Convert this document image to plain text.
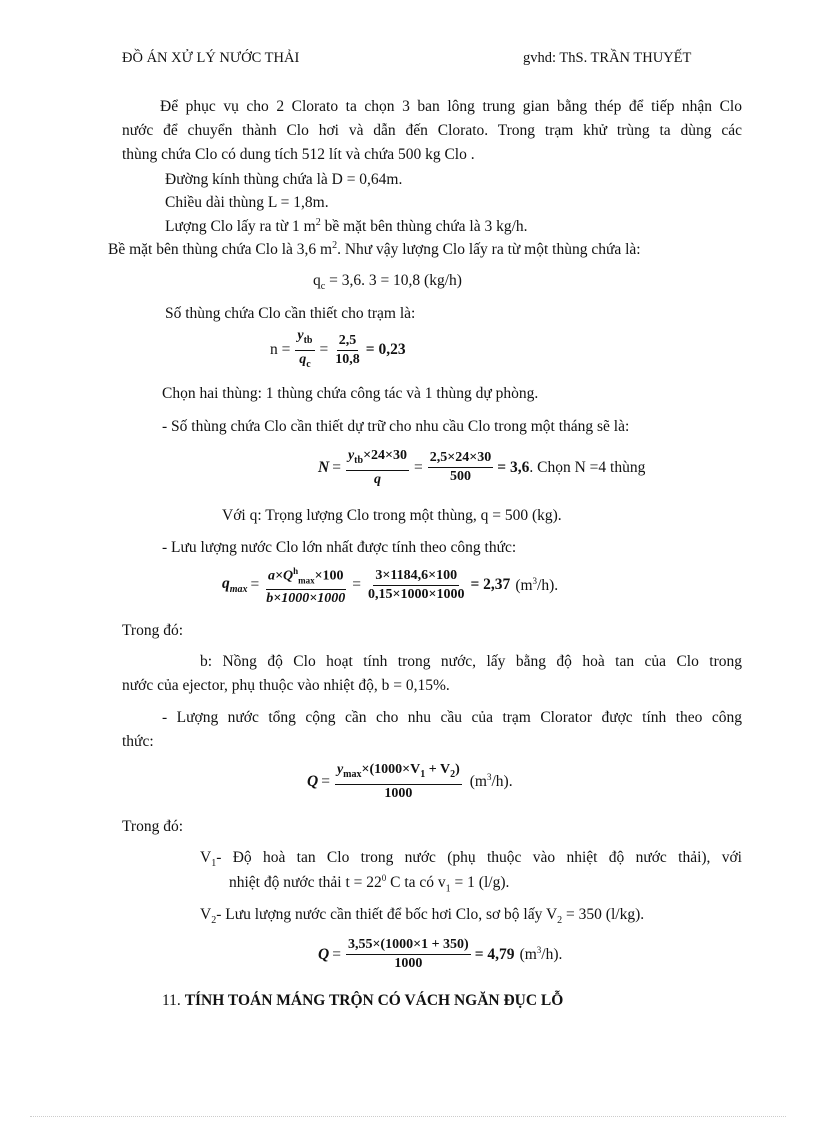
ĐỒ ÁN XỬ LÝ NƯỚC THẢI	gvhd: ThS. TRẦN THUYẾT
Để phục vụ cho 2 Clorato ta chọn 3 ban lông trung gian bằng thép để tiếp nhận Clo
nước để chuyển thành Clo hơi và dẫn đến Clorato. Trong trạm khử trùng ta dùng các
thùng chứa Clo có dung tích 512 lít và chứa 500 kg Clo .
Đường kính thùng chứa là D = 0,64m.
Chiều dài thùng L = 1,8m.
Lượng Clo lấy ra từ 1 $m^2$ bề mặt bên thùng chứa là 3 kg/h.
Bề mặt bên thùng chứa Clo là 3,6 $m^2$. Như vậy lượng Clo lấy ra từ một thùng chứa là:
$q_c = 3,6$. 3 = 10,8 (kg/h)
Số thùng chứa Clo cần thiết cho trạm là:
$n = \frac{y_{tb}}{q_c} = \frac{2,5}{10,8} = 0,23$
Chọn hai thùng: 1 thùng chứa công tác và 1 thùng dự phòng.
- Số thùng chứa Clo cần thiết dự trữ cho nhu cầu Clo trong một tháng sẽ là:
$N = \frac{y_{tb}\times 24\times 30}{q} = \frac{2,5\times 24\times 30}{500} = 3,6$ . Chọn N =4 thùng
Với q: Trọng lượng Clo trong một thùng, q = 500 (kg).
- Lưu lượng nước Clo lớn nhất được tính theo công thức:
$q_{max} = \frac{a\times Q^h_{max}\times 100}{b\times 1000\times 1000} = \frac{3\times 1184,6\times 100}{0,15\times 1000\times 1000} = 2,37$ $(m^3/h)$.
Trong đó:
b: Nồng độ Clo hoạt tính trong nước, lấy bằng độ hoà tan của Clo trong
nước của ejector, phụ thuộc vào nhiệt độ, b = 0,15%.
- Lượng nước tổng cộng cần cho nhu cầu của trạm Clorator được tính theo công
thức:
$Q = \frac{y_{max}\times(1000\times V_1 + V_2)}{1000} (m^3/h)$.
Trong đó:
$V_1-$ Độ hoà tan Clo trong nước (phụ thuộc vào nhiệt độ nước thải), với
nhiệt độ nước thải $t = 22^0$ C ta có $v_1 = 1$ (l/g).
$V_2-$ Lưu lượng nước cần thiết để bốc hơi Clo, sơ bộ lấy $V_2 = 350$ (l/kg).
$Q = \frac{3,55\times(1000\times 1 + 350)}{1000} = 4,79$ $(m^3/h)$.
11. TÍNH TOÁN MÁNG TRỘN CÓ VÁCH NGĂN ĐỤC LỖ
